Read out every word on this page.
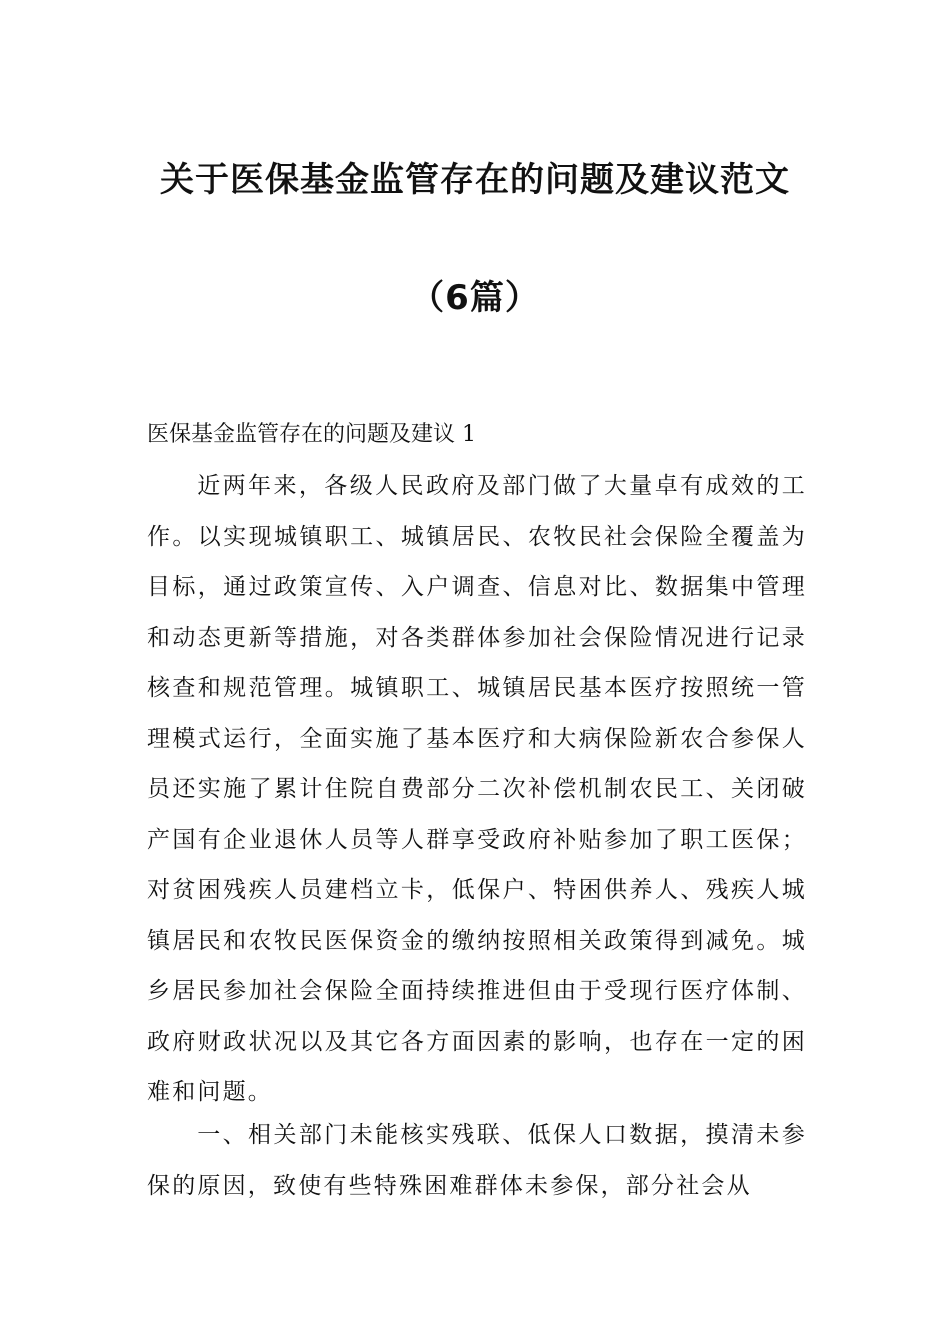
关于医保基金监管存在的问题及建议范文
（6篇）
医保基金监管存在的问题及建议 1

近两年来，各级人民政府及部门做了大量卓有成效的工作。以实现城镇职工、城镇居民、农牧民社会保险全覆盖为目标，通过政策宣传、入户调查、信息对比、数据集中管理和动态更新等措施，对各类群体参加社会保险情况进行记录核查和规范管理。城镇职工、城镇居民基本医疗按照统一管理模式运行，全面实施了基本医疗和大病保险新农合参保人员还实施了累计住院自费部分二次补偿机制农民工、关闭破产国有企业退休人员等人群享受政府补贴参加了职工医保；对贫困残疾人员建档立卡，低保户、特困供养人、残疾人城镇居民和农牧民医保资金的缴纳按照相关政策得到减免。城乡居民参加社会保险全面持续推进但由于受现行医疗体制、政府财政状况以及其它各方面因素的影响，也存在一定的困难和问题。

一、相关部门未能核实残联、低保人口数据，摸清未参保的原因，致使有些特殊困难群体未参保，部分社会从
